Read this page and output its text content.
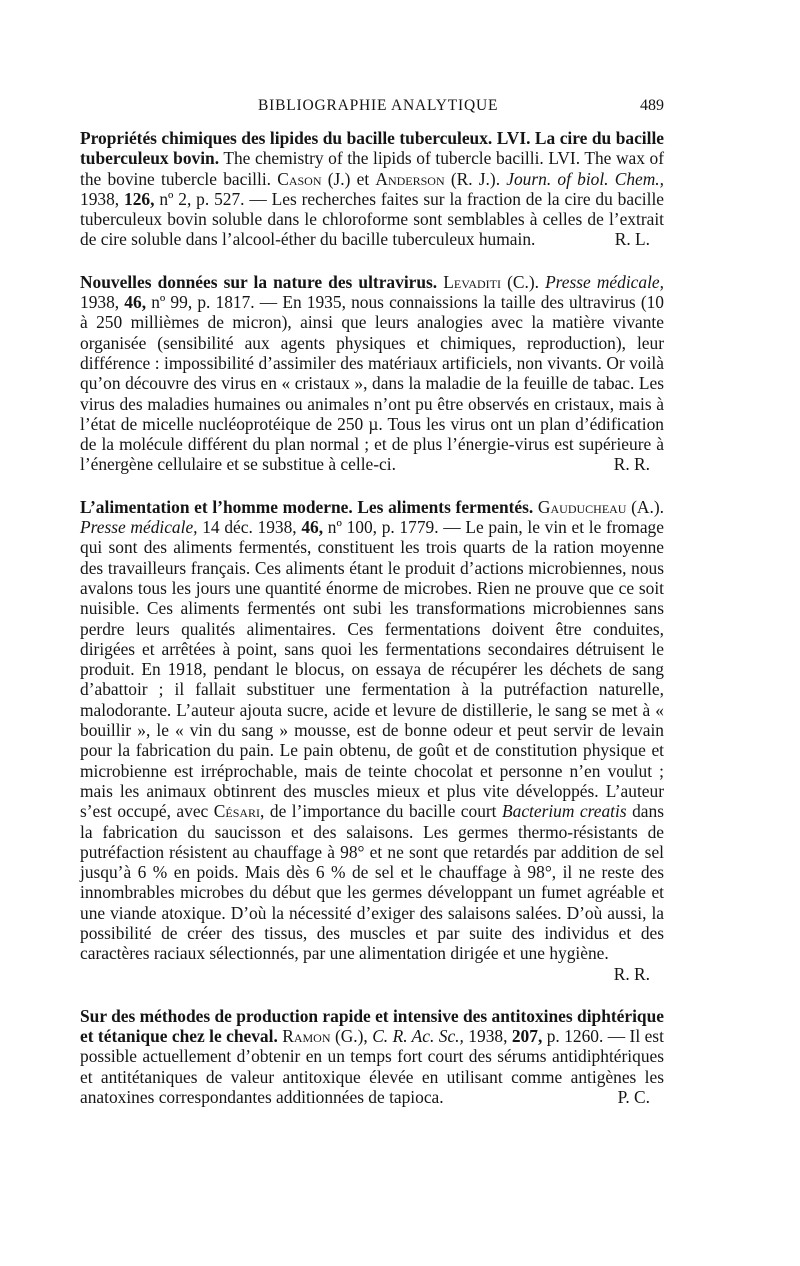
BIBLIOGRAPHIE ANALYTIQUE	489

Propriétés chimiques des lipides du bacille tuberculeux. LVI. La cire du bacille tuberculeux bovin. The chemistry of the lipids of tubercle bacilli. LVI. The wax of the bovine tubercle bacilli. Cason (J.) et Anderson (R. J.). Journ. of biol. Chem., 1938, 126, nº 2, p. 527. — Les recherches faites sur la fraction de la cire du bacille tuberculeux bovin soluble dans le chloroforme sont semblables à celles de l’extrait de cire soluble dans l’alcool-éther du bacille tuberculeux humain.	R. L.

Nouvelles données sur la nature des ultravirus. Levaditi (C.). Presse médicale, 1938, 46, nº 99, p. 1817. — En 1935, nous connaissions la taille des ultravirus (10 à 250 millièmes de micron), ainsi que leurs analogies avec la matière vivante organisée (sensibilité aux agents physiques et chimiques, reproduction), leur différence : impossibilité d’assimiler des matériaux artificiels, non vivants. Or voilà qu’on découvre des virus en « cristaux », dans la maladie de la feuille de tabac. Les virus des maladies humaines ou animales n’ont pu être observés en cristaux, mais à l’état de micelle nucléoprotéique de 250 µ. Tous les virus ont un plan d’édification de la molécule différent du plan normal ; et de plus l’énergie-virus est supérieure à l’énergène cellulaire et se substitue à celle-ci.	R. R.

L’alimentation et l’homme moderne. Les aliments fermentés. Gauducheau (A.). Presse médicale, 14 déc. 1938, 46, nº 100, p. 1779. — Le pain, le vin et le fromage qui sont des aliments fermentés, constituent les trois quarts de la ration moyenne des travailleurs français. Ces aliments étant le produit d’actions microbiennes, nous avalons tous les jours une quantité énorme de microbes. Rien ne prouve que ce soit nuisible. Ces aliments fermentés ont subi les transformations microbiennes sans perdre leurs qualités alimentaires. Ces fermentations doivent être conduites, dirigées et arrêtées à point, sans quoi les fermentations secondaires détruisent le produit. En 1918, pendant le blocus, on essaya de récupérer les déchets de sang d’abattoir ; il fallait substituer une fermentation à la putréfaction naturelle, malodorante. L’auteur ajouta sucre, acide et levure de distillerie, le sang se met à « bouillir », le « vin du sang » mousse, est de bonne odeur et peut servir de levain pour la fabrication du pain. Le pain obtenu, de goût et de constitution physique et microbienne est irréprochable, mais de teinte chocolat et personne n’en voulut ; mais les animaux obtinrent des muscles mieux et plus vite développés. L’auteur s’est occupé, avec Césari, de l’importance du bacille court Bacterium creatis dans la fabrication du saucisson et des salaisons. Les germes thermo-résistants de putréfaction résistent au chauffage à 98° et ne sont que retardés par addition de sel jusqu’à 6 % en poids. Mais dès 6 % de sel et le chauffage à 98°, il ne reste des innombrables microbes du début que les germes développant un fumet agréable et une viande atoxique. D’où la nécessité d’exiger des salaisons salées. D’où aussi, la possibilité de créer des tissus, des muscles et par suite des individus et des caractères raciaux sélectionnés, par une alimentation dirigée et une hygiène.
R. R.

Sur des méthodes de production rapide et intensive des antitoxines diphtérique et tétanique chez le cheval. Ramon (G.), C. R. Ac. Sc., 1938, 207, p. 1260. — Il est possible actuellement d’obtenir en un temps fort court des sérums antidiphtériques et antitétaniques de valeur antitoxique élevée en utilisant comme antigènes les anatoxines correspondantes additionnées de tapioca.	P. C.
